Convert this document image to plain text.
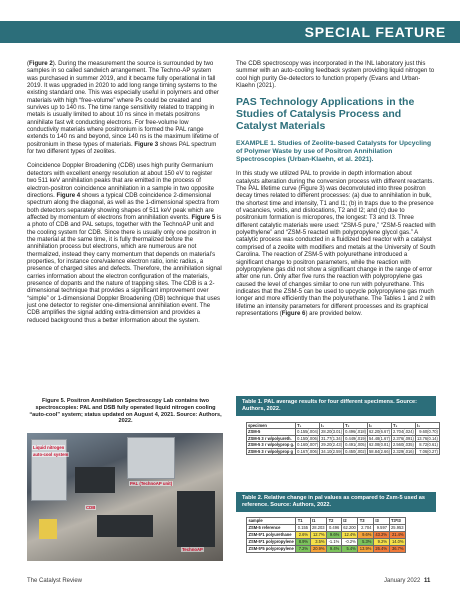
SPECIAL FEATURE

(Figure 2). During the measurement the source is surrounded by two samples in so called sandwich arrangement. The Techno-AP system was purchased in summer 2019, and it became fully operational in fall 2019. It was upgraded in 2020 to add long range timing systems to the existing standard one. This was especially useful in polymers and other materials with high “free-volume” where Ps could be created and survives up to 140 ns. The time range sensitivity related to trapping in metals is usually limited to about 10 ns since in metals positrons annihilate fast wit conducting electrons. For free-volume low conductivity materials where positronium is formed the PAL range extends to 140 ns and beyond, since 140 ns is the maximum lifetime of positronium in these types of materials. Figure 3 shows PAL spectrum for two different types of zeolites.

Coincidence Doppler Broadening (CDB) uses high purity Germanium detectors with excellent energy resolution at about 150 eV to register two 511 keV annihilation peaks that are emitted in the process of electron-positron coincidence annihilation in a sample in two opposite directions. Figure 4 shows a typical CDB coincidence 2-dimensional spectrum along the diagonal, as well as the 1-dimensional spectra from both detectors separately showing shapes of 511 keV peak which are affected by momentum of electrons from annihilation events. Figure 5 is a photo of CDB and PAL setups, together with the TechnoAP unit and the cooling system for CDB. Since there is usually only one positron in the material at the same time, it is fully thermalized before the annihilation process but electrons, which are numerous are not thermalized, instead they carry momentum that depends on material’s properties, for instance core/valence electron ratio, ionic radius, a presence of charged sites and defects. Therefore, the annihilation signal carries information about the electron configuration of the materials, presence of dopants and the nature of trapping sites. The CDB is a 2-dimensional technique that provides a significant improvement over “simple” or 1-dimensional Doppler Broadening (DB) technique that uses just one detector to register one-dimensional annihilation event. The CDB amplifies the signal adding extra-dimension and provides a reduced background thus a better information about the system.

Figure 5. Positron Annihilation Spectroscopy Lab contains two spectroscopies: PAL and DSB fully operated liquid nitrogen cooling “auto-cool” system; status updated on August 4, 2021. Source: Authors, 2022.
Liquid nitrogen
auto-cool system
PAL (TechnoAP unit)
CDB
TechnoAP

The CDB spectroscopy was incorporated in the INL laboratory just this summer with an auto-cooling feedback system providing liquid nitrogen to cool high purity Ge-detectors to function properly (Evans and Urban-Klaehn (2021).

PAS Technology Applications in the Studies of Catalysis Process and Catalyst Materials
EXAMPLE 1. Studies of Zeolite-based Catalysts for Upcycling of Polymer Waste by use of Positron Annihilation Spectroscopies (Urban-Klaehn, et al. 2021).

In this study we utilized PAL to provide in depth information about catalysts alteration during the conversion process with different reactants. The PAL lifetime curve (Figure 3) was deconvoluted into three positron decay times related to different processes: (a) due to annihilation in bulk, the shortest time and intensity, T1 and I1; (b) in traps due to the presence of vacancies, voids, and dislocations, T2 and I2; and (c) due to positronium formation is micropores, the longest: T3 and I3. Three different catalytic materials were used: “ZSM-5 pure,” “ZSM-5 reacted with polyethylene” and “ZSM-5 reacted with polypropylene glycol gas.” A catalytic process was conducted in a fluidized bed reactor with a catalyst comprised of a zeolite with modifiers and metals at the University of South Carolina. The reaction of ZSM-5 with polyurethane introduced a significant change to positron parameters, while the reaction with polypropylene gas did not show a significant change in the range of error after one run. Only after five runs the reaction with polypropylene gas caused the level of changes similar to one run with polyurethane. This indicates that the ZSM-5 can be used to upcycle polypropylene gas much longer and more efficiently than the polyurethane. The Tables 1 and 2 with lifetime an intensity parameters for different processes and its graphical representations (Figure 6) are provided below.

Table 1. PAL average results for four different specimens. Source: Authors, 2022.
specimen	T₁	I₁	T₂	I₂	T₃	I₃
ZSM-5	0.155(.004)	28.20(3.01)	0.496(.018)	62.20(6.67)	2.704(.024)	9.60(0.70)
ZSM-5 3 r w/polyureth.	0.150(.006)	31.77(1.34)	0.449(.019)	54.48(1.67)	2.376(.091)	13.76(0.14)
ZSM-5 3 r w/polyprop g.	0.160(.007)	29.20(2.43)	0.491(.005)	62.08(0.81)	2.560(.035)	8.72(0.61)
ZSM-5 3 r w/polyprop g	0.167(.006)	34.10(2.59)	0.450(.002)	58.84(2.66)	2.329(.016)	7.06(0.27)
Table 2. Relative change in pal values as compared to Zsm-5 used as reference. Source: Authors, 2022.
sample	T1	I1	T2	I2	T3	I3	T3*I3
ZSM-5 reference	0.155	28.203	0.496	62.200	2.704	9.597	25.953
ZSM-5*1 polyurethane	2.6%	12.7%	9.6%	12.4%	9.6%	43.2%	21.4%
ZSM-5*1 polypropylene	8.9%	3.5%	-1.1%	-0.2%	5.3%	9.2%	14.0%
ZSM-5*5 polypropylene	7.2%	20.9%	9.4%	5.4%	13.9%	26.4%	36.7%
The Catalyst Review	January 2022 11
